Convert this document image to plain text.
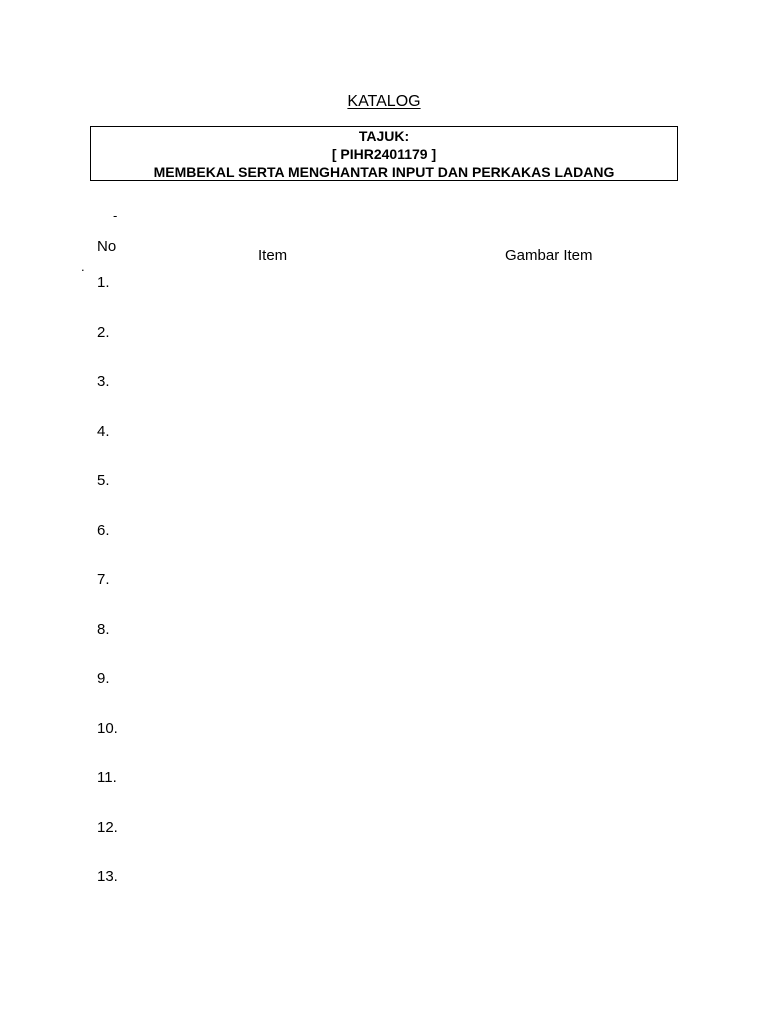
KATALOG
TAJUK:
[ PIHR2401179 ]
MEMBEKAL SERTA MENGHANTAR INPUT DAN PERKAKAS LADANG
-
.
No
Item	Gambar Item
1.
2.
3.
4.
5.
6.
7.
8.
9.
10.
11.
12.
13.
